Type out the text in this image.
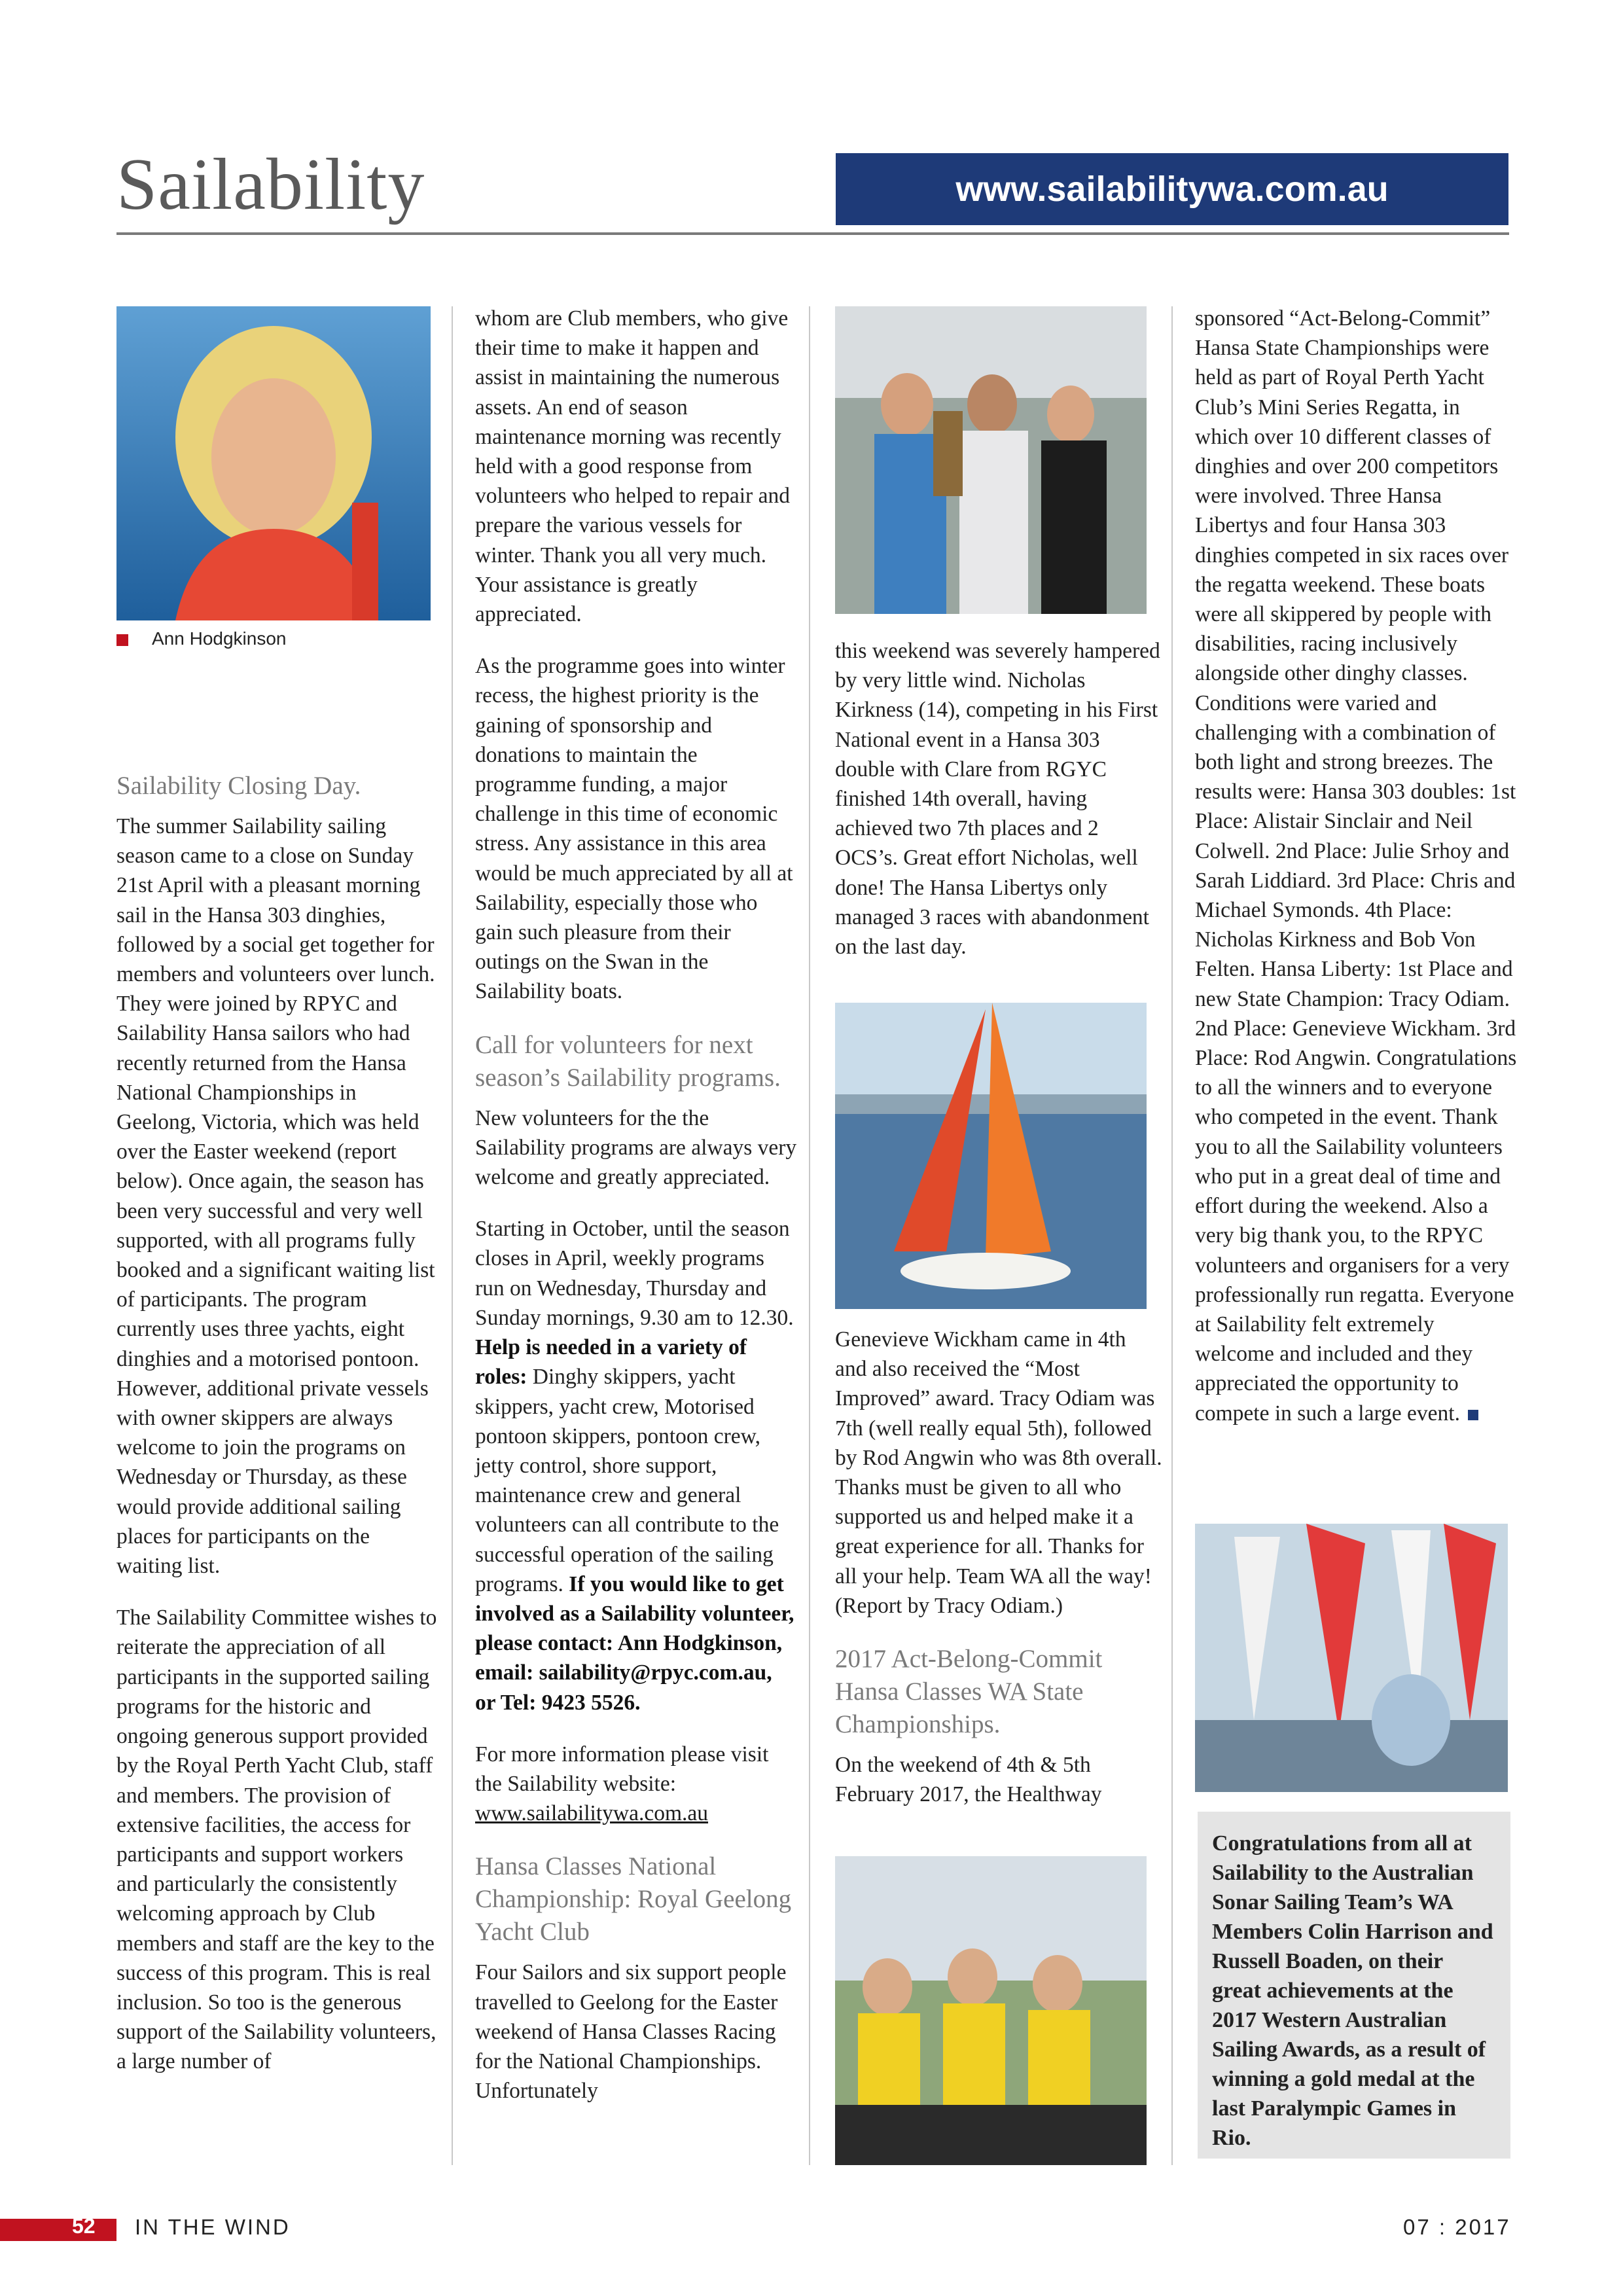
Sailability	www.sailabilitywa.com.au
Ann Hodgkinson
Sailability Closing Day.

The summer Sailability sailing season came to a close on Sunday 21st April with a pleasant morning sail in the Hansa 303 dinghies, followed by a social get together for members and volunteers over lunch. They were joined by RPYC and Sailability Hansa sailors who had recently returned from the Hansa National Championships in Geelong, Victoria, which was held over the Easter weekend (report below). Once again, the season has been very successful and very well supported, with all programs fully booked and a significant waiting list of participants. The program currently uses three yachts, eight dinghies and a motorised pontoon. However, additional private vessels with owner skippers are always welcome to join the programs on Wednesday or Thursday, as these would provide additional sailing places for participants on the waiting list.

The Sailability Committee wishes to reiterate the appreciation of all participants in the supported sailing programs for the historic and ongoing generous support provided by the Royal Perth Yacht Club, staff and members. The provision of extensive facilities, the access for participants and support workers and particularly the consistently welcoming approach by Club members and staff are the key to the success of this program. This is real inclusion. So too is the generous support of the Sailability volunteers, a large number of

whom are Club members, who give their time to make it happen and assist in maintaining the numerous assets. An end of season maintenance morning was recently held with a good response from volunteers who helped to repair and prepare the various vessels for winter. Thank you all very much. Your assistance is greatly appreciated.

As the programme goes into winter recess, the highest priority is the gaining of sponsorship and donations to maintain the programme funding, a major challenge in this time of economic stress. Any assistance in this area would be much appreciated by all at Sailability, especially those who gain such pleasure from their outings on the Swan in the Sailability boats.

Call for volunteers for next season’s Sailability programs.

New volunteers for the the Sailability programs are always very welcome and greatly appreciated.

Starting in October, until the season closes in April, weekly programs run on Wednesday, Thursday and Sunday mornings, 9.30 am to 12.30. Help is needed in a variety of roles: Dinghy skippers, yacht skippers, yacht crew, Motorised pontoon skippers, pontoon crew, jetty control, shore support, maintenance crew and general volunteers can all contribute to the successful operation of the sailing programs. If you would like to get involved as a Sailability volunteer, please contact: Ann Hodgkinson, email: sailability@rpyc.com.au, or Tel: 9423 5526.

For more information please visit the Sailability website:
www.sailabilitywa.com.au

Hansa Classes National Championship: Royal Geelong Yacht Club

Four Sailors and six support people travelled to Geelong for the Easter weekend of Hansa Classes Racing for the National Championships. Unfortunately

this weekend was severely hampered by very little wind. Nicholas Kirkness (14), competing in his First National event in a Hansa 303 double with Clare from RGYC finished 14th overall, having achieved two 7th places and 2 OCS’s. Great effort Nicholas, well done! The Hansa Libertys only managed 3 races with abandonment on the last day.

Genevieve Wickham came in 4th and also received the “Most Improved” award. Tracy Odiam was 7th (well really equal 5th), followed by Rod Angwin who was 8th overall. Thanks must be given to all who supported us and helped make it a great experience for all. Thanks for all your help. Team WA all the way! (Report by Tracy Odiam.)

2017 Act-Belong-Commit Hansa Classes WA State Championships.

On the weekend of 4th & 5th February 2017, the Healthway

sponsored “Act-Belong-Commit” Hansa State Championships were held as part of Royal Perth Yacht Club’s Mini Series Regatta, in which over 10 different classes of dinghies and over 200 competitors were involved. Three Hansa Libertys and four Hansa 303 dinghies competed in six races over the regatta weekend. These boats were all skippered by people with disabilities, racing inclusively alongside other dinghy classes. Conditions were varied and challenging with a combination of both light and strong breezes. The results were: Hansa 303 doubles: 1st Place: Alistair Sinclair and Neil Colwell. 2nd Place: Julie Srhoy and Sarah Liddiard. 3rd Place: Chris and Michael Symonds. 4th Place: Nicholas Kirkness and Bob Von Felten. Hansa Liberty: 1st Place and new State Champion: Tracy Odiam. 2nd Place: Genevieve Wickham. 3rd Place: Rod Angwin. Congratulations to all the winners and to everyone who competed in the event. Thank you to all the Sailability volunteers who put in a great deal of time and effort during the weekend. Also a very big thank you, to the RPYC volunteers and organisers for a very professionally run regatta. Everyone at Sailability felt extremely welcome and included and they appreciated the opportunity to compete in such a large event.

Congratulations from all at Sailability to the Australian Sonar Sailing Team’s WA Members Colin Harrison and Russell Boaden, on their great achievements at the 2017 Western Australian Sailing Awards, as a result of winning a gold medal at the last Paralympic Games in Rio.
52 IN THE WIND	07 : 2017
